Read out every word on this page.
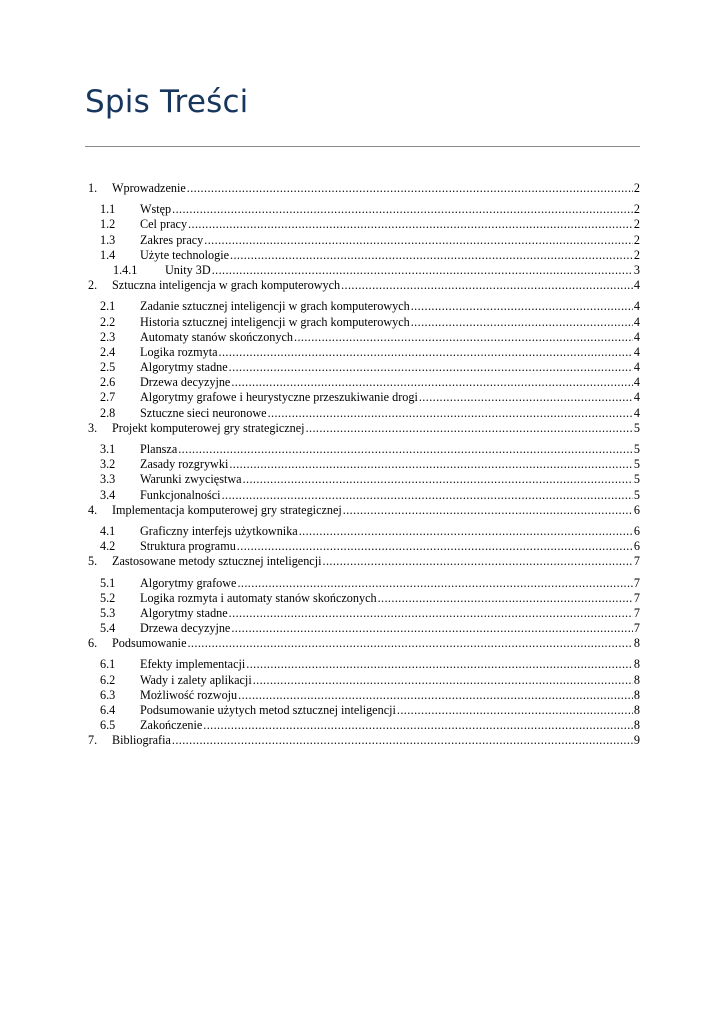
Spis Treści
1.	Wprowadzenie .....	2
1.1	Wstęp .....	2
1.2	Cel pracy .....	2
1.3	Zakres pracy .....	2
1.4	Użyte technologie .....	2
1.4.1	Unity 3D .....	3
2.	Sztuczna inteligencja w grach komputerowych .....	4
2.1	Zadanie sztucznej inteligencji w grach komputerowych .....	4
2.2	Historia sztucznej inteligencji w grach komputerowych .....	4
2.3	Automaty stanów skończonych .....	4
2.4	Logika rozmyta .....	4
2.5	Algorytmy stadne .....	4
2.6	Drzewa decyzyjne .....	4
2.7	Algorytmy grafowe i heurystyczne przeszukiwanie drogi .....	4
2.8	Sztuczne sieci neuronowe .....	4
3.	Projekt komputerowej gry strategicznej .....	5
3.1	Plansza .....	5
3.2	Zasady rozgrywki .....	5
3.3	Warunki zwycięstwa .....	5
3.4	Funkcjonalności .....	5
4.	Implementacja komputerowej gry strategicznej .....	6
4.1	Graficzny interfejs użytkownika .....	6
4.2	Struktura programu .....	6
5.	Zastosowane metody sztucznej inteligencji .....	7
5.1	Algorytmy grafowe .....	7
5.2	Logika rozmyta i automaty stanów skończonych .....	7
5.3	Algorytmy stadne .....	7
5.4	Drzewa decyzyjne .....	7
6.	Podsumowanie .....	8
6.1	Efekty implementacji .....	8
6.2	Wady i zalety aplikacji .....	8
6.3	Możliwość rozwoju .....	8
6.4	Podsumowanie użytych metod sztucznej inteligencji .....	8
6.5	Zakończenie .....	8
7.	Bibliografia .....	9
